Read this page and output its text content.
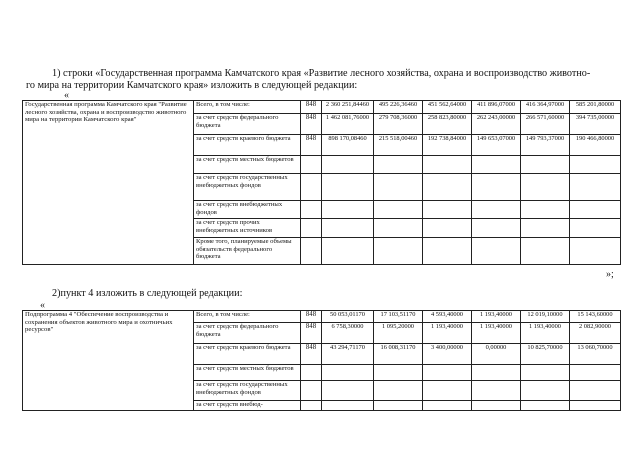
1) строки «Государственная программа Камчатского края «Развитие лесного хозяйства, охрана и воспроизводство животно-
го мира на территории Камчатского края» изложить в следующей редакции:
«
Государственная программа Камчатского края "Развитие лесного хозяйства, охрана и воспроизводство животного мира на территории Камчатского края"	Всего, в том числе:	848	2 360 251,84460	495 226,36460	451 562,64000	411 896,07000	416 364,97000	585 201,80000
	за счет средств федерального бюджета	848	1 462 081,76000	279 708,36000	258 823,80000	262 243,00000	266 571,60000	394 735,00000
	за счет средств краевого бюджета	848	898 170,08460	215 518,00460	192 738,84000	149 653,07000	149 793,37000	190 466,80000
	за счет средств местных бюджетов							
	за счет средств государственных внебюджетных фондов							
	за счет средств внебюджетных фондов							
	за счет средств прочих внебюджетных источников							
	Кроме того, планируемые объемы обязательств федерального бюджета							
»;
2)пункт 4 изложить в следующей редакции:
«
Подпрограмма 4 "Обеспечение воспроизводства и сохранения объектов животного мира и охотничьих ресурсов"	Всего, в том числе:	848	50 053,01170	17 103,51170	4 593,40000	1 193,40000	12 019,10000	15 143,60000
	за счет средств федерального бюджета	848	6 758,30000	1 095,20000	1 193,40000	1 193,40000	1 193,40000	2 082,90000
	за счет средств краевого бюджета	848	43 294,71170	16 008,31170	3 400,00000	0,00000	10 825,70000	13 060,70000
	за счет средств местных бюджетов							
	за счет средств государственных внебюджетных фондов							
	за счет средств внебюд-							
